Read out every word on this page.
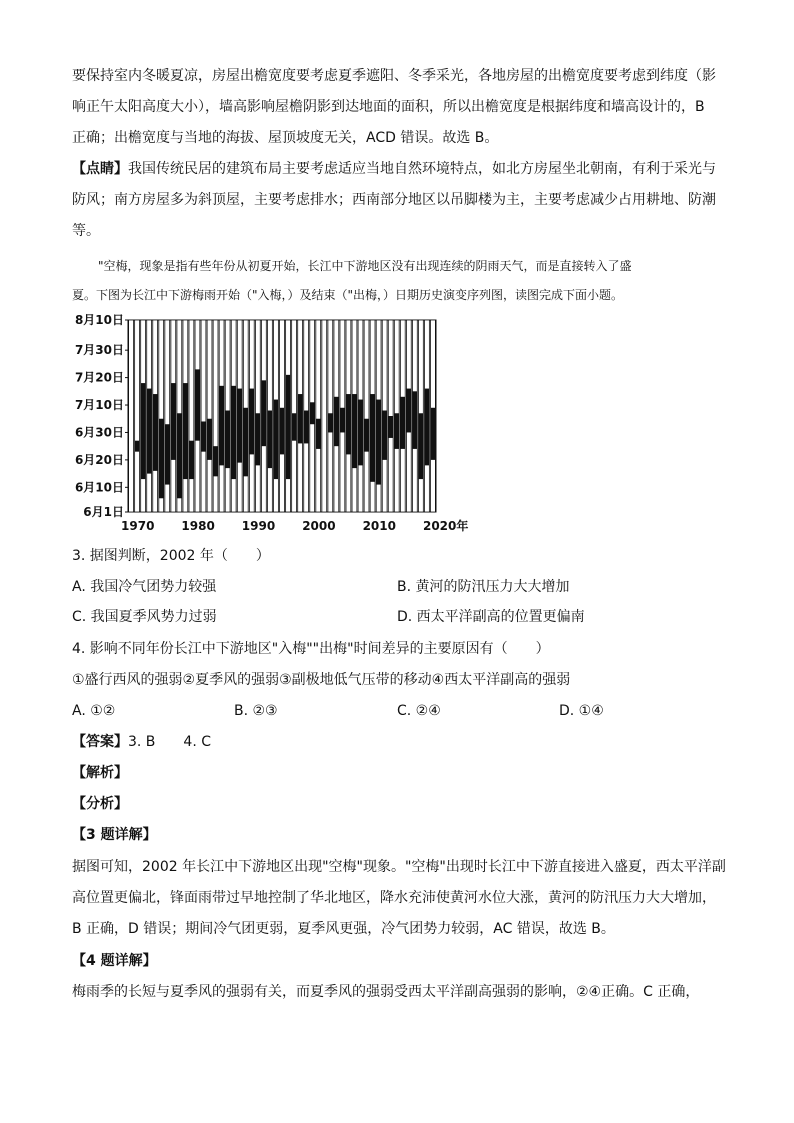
要保持室内冬暖夏凉，房屋出檐宽度要考虑夏季遮阳、冬季采光，各地房屋的出檐宽度要考虑到纬度（影
响正午太阳高度大小），墙高影响屋檐阴影到达地面的面积，所以出檐宽度是根据纬度和墙高设计的，B
正确；出檐宽度与当地的海拔、屋顶坡度无关，ACD 错误。故选 B。
【点睛】我国传统民居的建筑布局主要考虑适应当地自然环境特点，如北方房屋坐北朝南，有利于采光与
防风；南方房屋多为斜顶屋，主要考虑排水；西南部分地区以吊脚楼为主，主要考虑减少占用耕地、防潮
等。
"空梅，现象是指有些年份从初夏开始，长江中下游地区没有出现连续的阴雨天气，而是直接转入了盛
夏。下图为长江中下游梅雨开始（"入梅，）及结束（"出梅，）日期历史演变序列图，读图完成下面小题。
6月1日
6月10日
6月20日
6月30日
7月10日
7月20日
7月30日
8月10日
1970 1980 1990 2000 2010 2020年
3. 据图判断，2002 年（　　）
A. 我国冷气团势力较强	B. 黄河的防汛压力大大增加
C. 我国夏季风势力过弱	D. 西太平洋副高的位置更偏南
4. 影响不同年份长江中下游地区"入梅""出梅"时间差异的主要原因有（　　）
①盛行西风的强弱②夏季风的强弱③副极地低气压带的移动④西太平洋副高的强弱
A. ①②	B. ②③	C. ②④	D. ①④
【答案】3. B　　4. C
【解析】
【分析】
【3 题详解】
据图可知，2002 年长江中下游地区出现"空梅"现象。"空梅"出现时长江中下游直接进入盛夏，西太平洋副
高位置更偏北，锋面雨带过早地控制了华北地区，降水充沛使黄河水位大涨，黄河的防汛压力大大增加，
B 正确，D 错误；期间冷气团更弱，夏季风更强，冷气团势力较弱，AC 错误，故选 B。
【4 题详解】
梅雨季的长短与夏季风的强弱有关，而夏季风的强弱受西太平洋副高强弱的影响，②④正确。C 正确，
